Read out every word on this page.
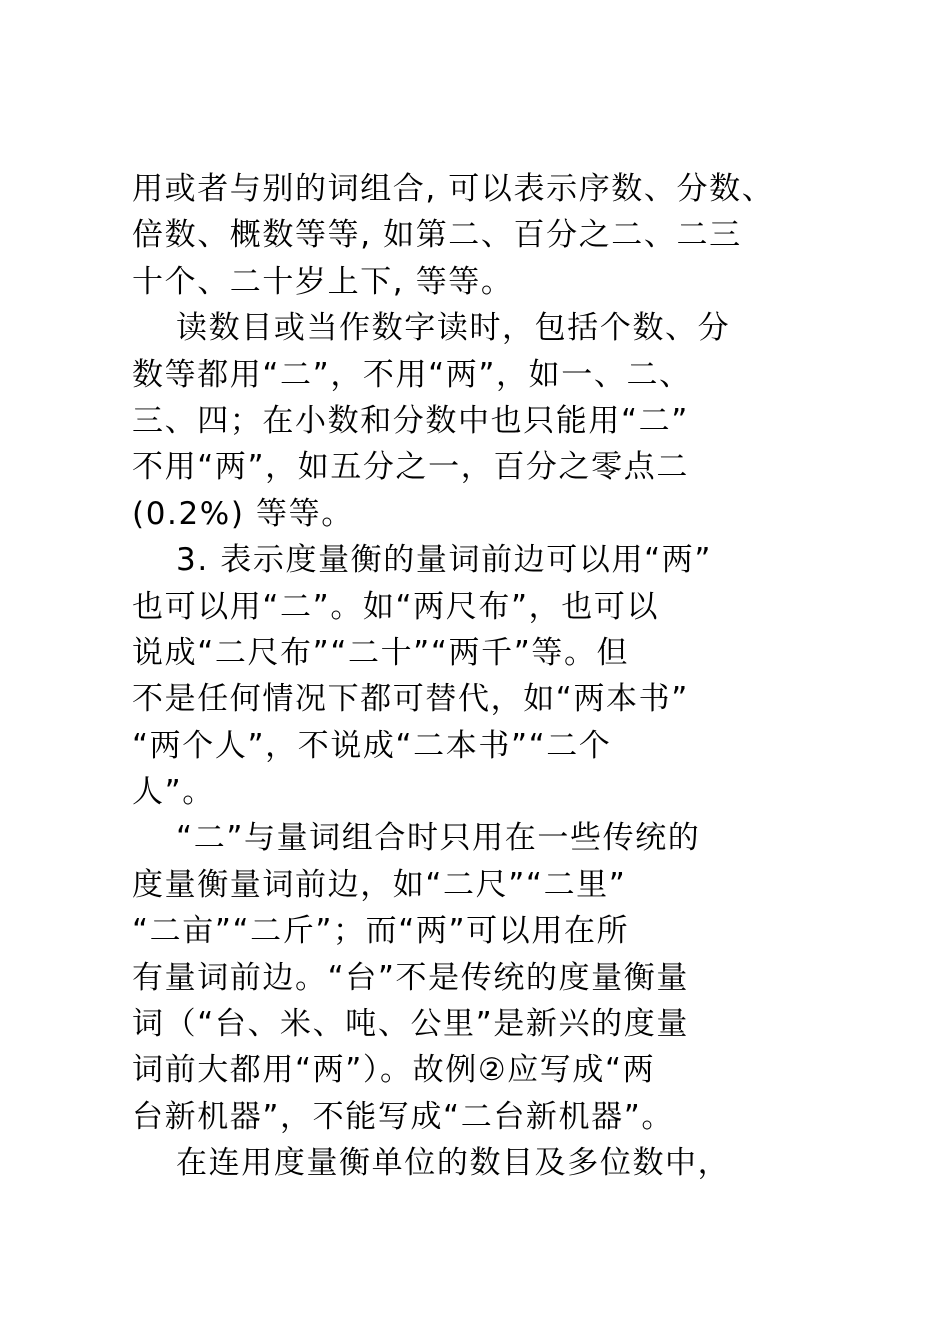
用或者与别的词组合, 可以表示序数、分数、
倍数、概数等等, 如第二、百分之二、二三
十个、二十岁上下, 等等。
　 读数目或当作数字读时，包括个数、分
数等都用“二”，不用“两”，如一、二、
三、四；在小数和分数中也只能用“二”
不用“两”，如五分之一，百分之零点二
(0.2%) 等等。
　 3. 表示度量衡的量词前边可以用“两”
也可以用“二”。如“两尺布”，也可以
说成“二尺布”“二十”“两千”等。但
不是任何情况下都可替代，如“两本书”
“两个人”，不说成“二本书”“二个
人”。
　 “二”与量词组合时只用在一些传统的
度量衡量词前边，如“二尺”“二里”
“二亩”“二斤”；而“两”可以用在所
有量词前边。“台”不是传统的度量衡量
词（“台、米、吨、公里”是新兴的度量
词前大都用“两”）。故例②应写成“两
台新机器”，不能写成“二台新机器”。
　 在连用度量衡单位的数目及多位数中，
